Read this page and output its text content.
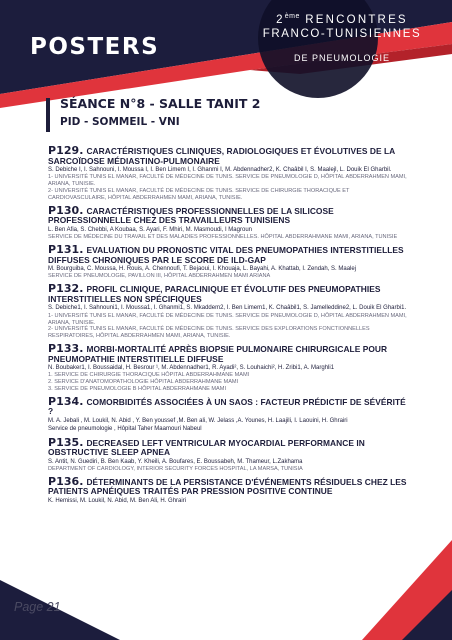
POSTERS
2ème RENCONTRES
FRANCO-TUNISIENNES
DE PNEUMOLOGIE
SÉANCE N°8 - SALLE TANIT 2
PID - SOMMEIL - VNI
P129. CARACTÉRISTIQUES CLINIQUES, RADIOLOGIQUES ET ÉVOLUTIVES DE LA SARCOÏDOSE MÉDIASTINO-PULMONAIRE
S. Debiche I, I. Sahnouni, I. Moussa I, I. Ben Limem I, I. Ghanmi I, M. Abdennadher2, K. Chaâbil I, S. Maalejl, L. Douik El Gharbil.
1- UNIVERSITÉ TUNIS EL MANAR, FACULTÉ DE MÉDECINE DE TUNIS. SERVICE DE PNEUMOLOGIE D, HÔPITAL ABDERRAHMEN MAMI, ARIANA, TUNISIE.
2- UNIVERSITÉ TUNIS EL MANAR, FACULTÉ DE MÉDECINE DE TUNIS. SERVICE DE CHIRURGIE THORACIQUE ET CARDIOVASCULAIRE, HÔPITAL ABDERRAHMEN MAMI, ARIANA, TUNISIE.
P130. CARACTÉRISTIQUES PROFESSIONNELLES DE LA SILICOSE PROFESSIONNELLE CHEZ DES TRAVAILLEURS TUNISIENS
L. Ben Afia, S. Chebbi, A Koubaa, S. Ayari, F. Mhiri, M. Masmoudi, I Magroun
SERVICE DE MÉDECINE DU TRAVAIL ET DES MALADIES PROFESSIONNELLES. HÔPITAL ABDERRAHMANE MAMI, ARIANA, TUNISIE
P131. EVALUATION DU PRONOSTIC VITAL DES PNEUMOPATHIES INTERSTITIELLES DIFFUSES CHRONIQUES PAR LE SCORE DE ILD-GAP
M. Bourguiba, C. Moussa, H. Rouis, A. Chennoufi, T. Bejaoui, I. Khouaja, L. Bayahi, A. Khattab, I. Zendah, S. Maalej
SERVICE DE PNEUMOLOGIE, PAVILLON III, HÔPITAL ABDERRAHMEN MAMI ARIANA
P132. PROFIL CLINIQUE, PARACLINIQUE ET ÉVOLUTIF DES PNEUMOPATHIES INTERSTITIELLES NON SPÉCIFIQUES
S. Debiche1, I. Sahnouni1, I. Moussa1, I. Ghanmi1, S. Mkaddem2, I. Ben Limem1, K. Chaâbil1, S. Jamelleddine2, L. Douik El Gharbi1.
1- UNIVERSITÉ TUNIS EL MANAR, FACULTÉ DE MÉDECINE DE TUNIS. SERVICE DE PNEUMOLOGIE D, HÔPITAL ABDERRAHMEN MAMI, ARIANA, TUNISIE.
2- UNIVERSITÉ TUNIS EL MANAR, FACULTÉ DE MÉDECINE DE TUNIS. SERVICE DES EXPLORATIONS FONCTIONNELLES RESPIRATOIRES, HÔPITAL ABDERRAHMEN MAMI, ARIANA, TUNISIE.
P133. MORBI-MORTALITÉ APRÈS BIOPSIE PULMONAIRE CHIRURGICALE POUR PNEUMOPATHIE INTERSTITIELLE DIFFUSE
N. Boubaker1, I. Boussaidal, H. Besrour ¹, M. Abdennadher1, R. Ayadi², S. Louhaichi², H. Zribi1, A. Marghli1
1. SERVICE DE CHIRURGIE THORACIQUE HÔPITAL ABDERRAHMANE MAMI
2. SERVICE D'ANATOMOPATHOLOGIE HÔPITAL ABDERRAHMANE MAMI
3. SERVICE DE PNEUMOLOGIE B HÔPITAL ABDERRAHMANE MAMI
P134. COMORBIDITÉS ASSOCIÉES À UN SAOS : FACTEUR PRÉDICTIF DE SÉVÉRITÉ ?
M. A. Jebali , M. Loukil, N. Abid , Y. Ben youssef ,M. Ben ali, W. Jelass ,A. Younes, H. Laajili, I. Laouini, H. Ghrairi
Service de pneumologie , Hôpital Taher Maamouri Nabeul
P135. DECREASED LEFT VENTRICULAR MYOCARDIAL PERFORMANCE IN OBSTRUCTIVE SLEEP APNEA
S. Antit, N. Guediri, B. Ben Kaab, Y. Kheili, A. Boufares, E. Boussabeh, M. Thameur, L.Zakhama
DEPARTMENT OF CARDIOLOGY, INTERIOR SECURITY FORCES HOSPITAL, LA MARSA, TUNISIA
P136. DÉTERMINANTS DE LA PERSISTANCE D'ÉVÉNEMENTS RÉSIDUELS CHEZ LES PATIENTS APNÉIQUES TRAITÉS PAR PRESSION POSITIVE CONTINUE
K. Hemissi, M. Loukil, N. Abid, M. Ben Ali, H. Ghrairi
Page 21
